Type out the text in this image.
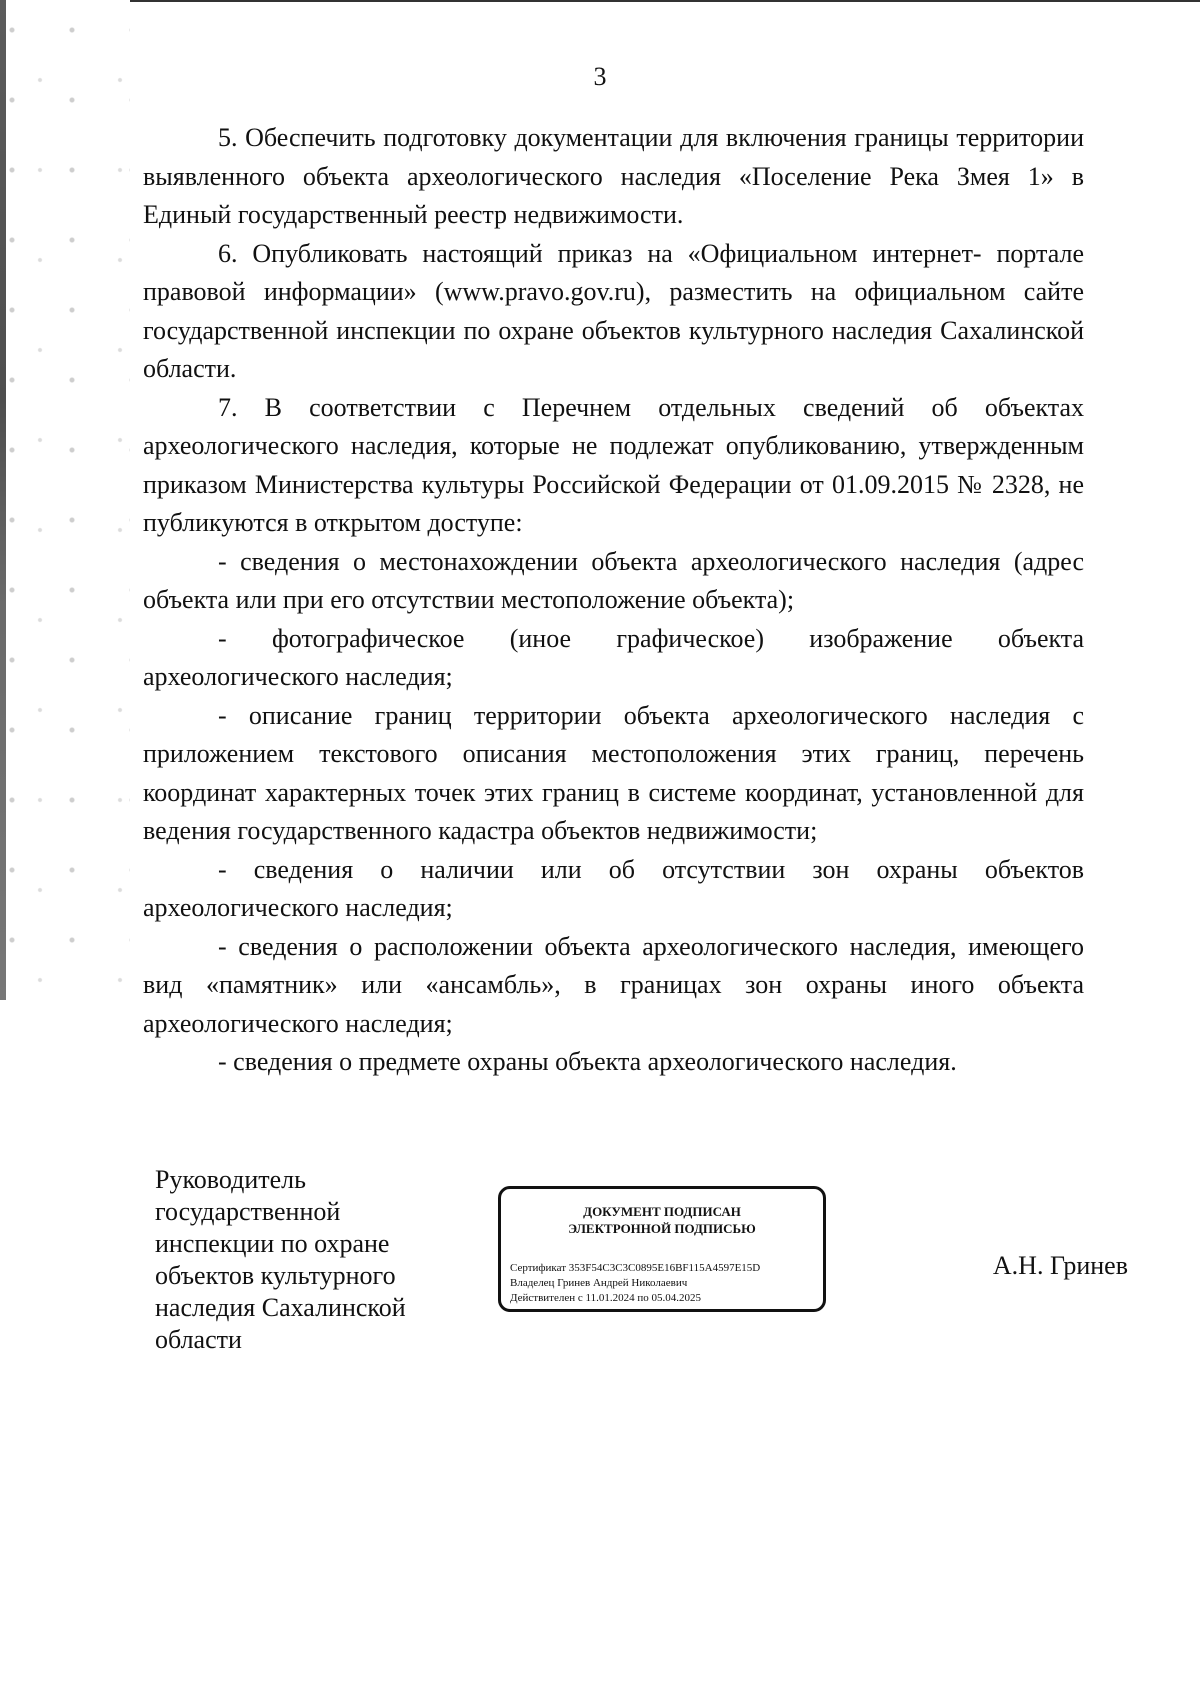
3

5. Обеспечить подготовку документации для включения границы территории выявленного объекта археологического наследия «Поселение Река Змея 1» в Единый государственный реестр недвижимости.

6. Опубликовать настоящий приказ на «Официальном интернет- портале правовой информации» (www.pravo.gov.ru), разместить на официальном сайте государственной инспекции по охране объектов культурного наследия Сахалинской области.

7. В соответствии с Перечнем отдельных сведений об объектах археологического наследия, которые не подлежат опубликованию, утвержденным приказом Министерства культуры Российской Федерации от 01.09.2015 № 2328, не публикуются в открытом доступе:

- сведения о местонахождении объекта археологического наследия (адрес объекта или при его отсутствии местоположение объекта);

- фотографическое (иное графическое) изображение объекта археологического наследия;

- описание границ территории объекта археологического наследия с приложением текстового описания местоположения этих границ, перечень координат характерных точек этих границ в системе координат, установленной для ведения государственного кадастра объектов недвижимости;

- сведения о наличии или об отсутствии зон охраны объектов археологического наследия;

- сведения о расположении объекта археологического наследия, имеющего вид «памятник» или «ансамбль», в границах зон охраны иного объекта археологического наследия;

- сведения о предмете охраны объекта археологического наследия.

Руководитель
государственной
инспекции по охране
объектов культурного
наследия Сахалинской
области

ДОКУМЕНТ ПОДПИСАН
ЭЛЕКТРОННОЙ ПОДПИСЬЮ
Сертификат 353F54C3C3C0895E16BF115A4597E15D
Владелец Гринев Андрей Николаевич
Действителен с 11.01.2024 по 05.04.2025
А.Н. Гринев
